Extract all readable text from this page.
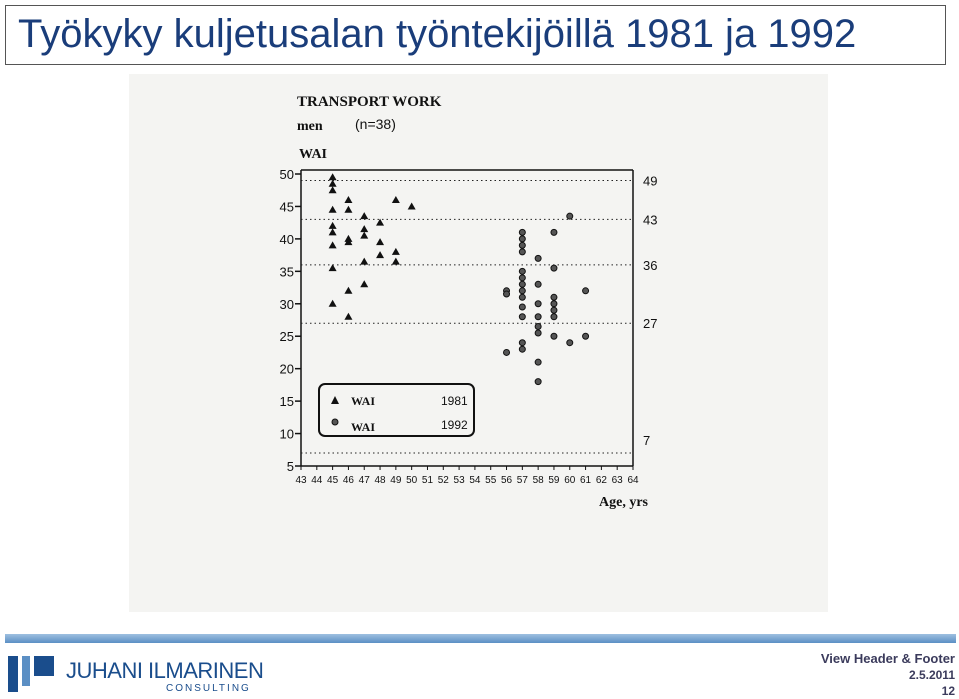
Työkyky kuljetusalan työntekijöillä 1981 ja 1992
TRANSPORT WORK
men (n=38)
WAI
Age, yrs
5
10
15
20
25
30
35
40
45
50
43 44 45 46 47 48 49 50 51 52 53 54 55 56 57 58 59 60 61 62 63 64
49
43
36
27
7
WAI	1981
WAI	1992
JUHANI ILMARINEN
CONSULTING
View Header & Footer
2.5.2011
12
